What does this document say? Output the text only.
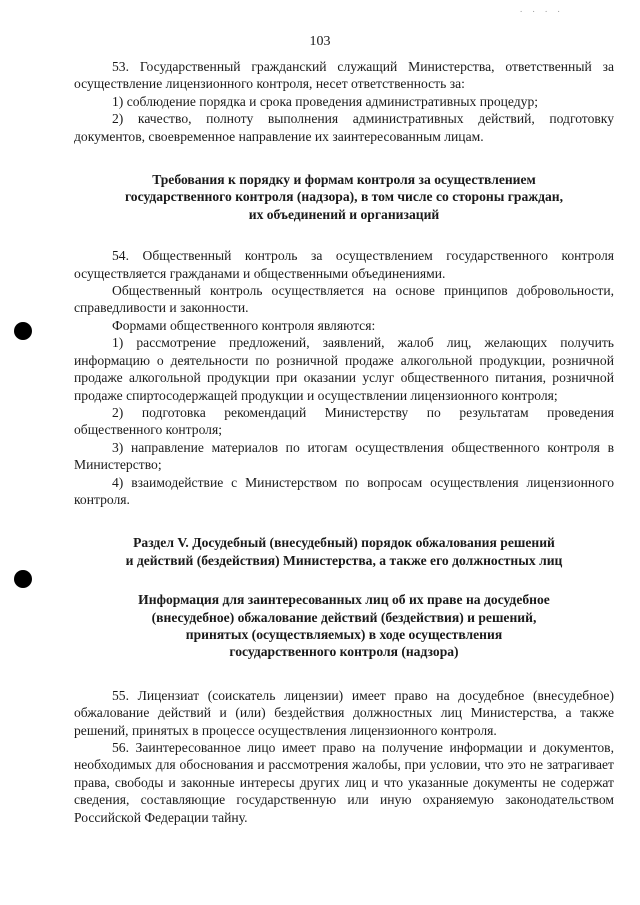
. . . .
103

53. Государственный гражданский служащий Министерства, ответственный за осуществление лицензионного контроля, несет ответственность за:

1) соблюдение порядка и срока проведения административных процедур;

2) качество, полноту выполнения административных действий, подготовку документов, своевременное направление их заинтересованным лицам.

Требования к порядку и формам контроля за осуществлением
государственного контроля (надзора), в том числе со стороны граждан,
их объединений и организаций

54. Общественный контроль за осуществлением государственного контроля осуществляется гражданами и общественными объединениями.

Общественный контроль осуществляется на основе принципов добровольности, справедливости и законности.

Формами общественного контроля являются:

1) рассмотрение предложений, заявлений, жалоб лиц, желающих получить информацию о деятельности по розничной продаже алкогольной продукции, розничной продаже алкогольной продукции при оказании услуг общественного питания, розничной продаже спиртосодержащей продукции и осуществлении лицензионного контроля;

2) подготовка рекомендаций Министерству по результатам проведения общественного контроля;

3) направление материалов по итогам осуществления общественного контроля в Министерство;

4) взаимодействие с Министерством по вопросам осуществления лицензионного контроля.

Раздел V. Досудебный (внесудебный) порядок обжалования решений
и действий (бездействия) Министерства, а также его должностных лиц
Информация для заинтересованных лиц об их праве на досудебное
(внесудебное) обжалование действий (бездействия) и решений,
принятых (осуществляемых) в ходе осуществления
государственного контроля (надзора)

55. Лицензиат (соискатель лицензии) имеет право на досудебное (внесудебное) обжалование действий и (или) бездействия должностных лиц Министерства, а также решений, принятых в процессе осуществления лицензионного контроля.

56. Заинтересованное лицо имеет право на получение информации и документов, необходимых для обоснования и рассмотрения жалобы, при условии, что это не затрагивает права, свободы и законные интересы других лиц и что указанные документы не содержат сведения, составляющие государственную или иную охраняемую законодательством Российской Федерации тайну.
